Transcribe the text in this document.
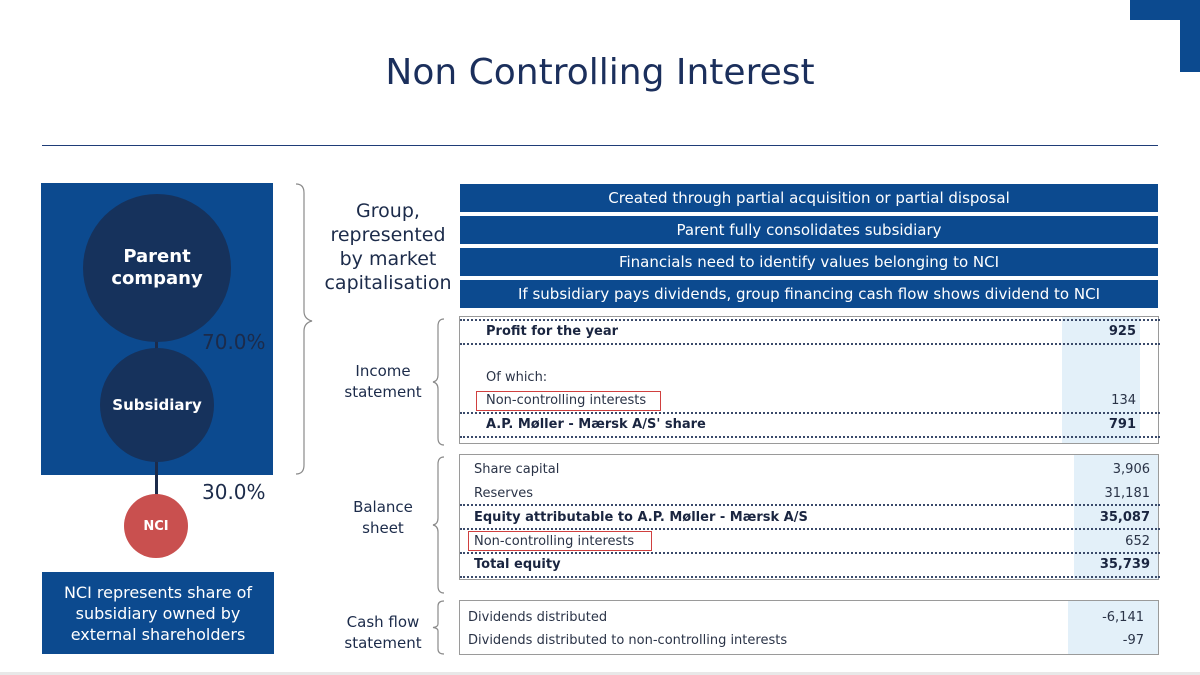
Non Controlling Interest
Parent company
Subsidiary
NCI
70.0%
30.0%
NCI represents share of subsidiary owned by external shareholders
Group, represented by market capitalisation
Income statement
Balance sheet
Cash flow statement
Created through partial acquisition or partial disposal
Parent fully consolidates subsidiary
Financials need to identify values belonging to NCI
If subsidiary pays dividends, group financing cash flow shows dividend to NCI
Profit for the year	925
Of which:
Non-controlling interests	134
A.P. Møller - Mærsk A/S' share	791
Share capital	3,906
Reserves	31,181
Equity attributable to A.P. Møller - Mærsk A/S	35,087
Non-controlling interests	652
Total equity	35,739
Dividends distributed	-6,141
Dividends distributed to non-controlling interests	-97
